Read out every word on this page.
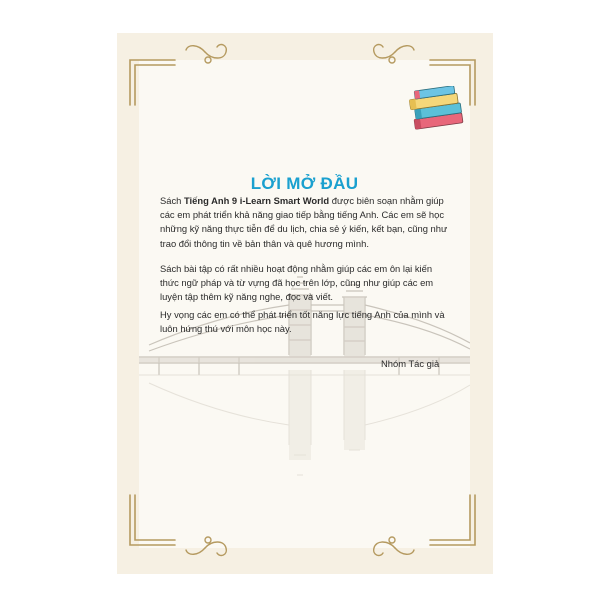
LỜI MỞ ĐẦU

Sách Tiếng Anh 9 i-Learn Smart World được biên soạn nhằm giúp các em phát triển khả năng giao tiếp bằng tiếng Anh. Các em sẽ học những kỹ năng thực tiễn để du lịch, chia sẻ ý kiến, kết bạn, cũng như trao đổi thông tin về bản thân và quê hương mình.

Sách bài tập có rất nhiều hoạt động nhằm giúp các em ôn lại kiến thức ngữ pháp và từ vựng đã học trên lớp, cũng như giúp các em luyện tập thêm kỹ năng nghe, đọc và viết.

Hy vọng các em có thể phát triển tốt năng lực tiếng Anh của mình và luôn hứng thú với môn học này.

Nhóm Tác giả
